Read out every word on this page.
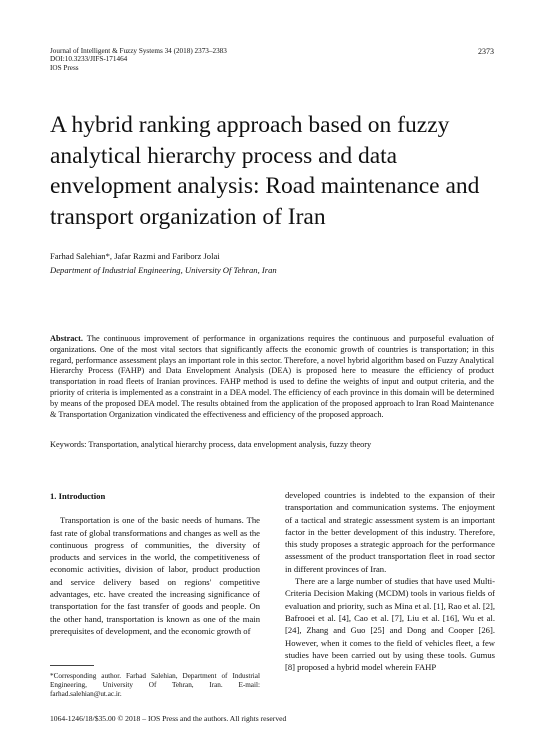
Journal of Intelligent & Fuzzy Systems 34 (2018) 2373–2383
DOI:10.3233/JIFS-171464
IOS Press
2373
A hybrid ranking approach based on fuzzy analytical hierarchy process and data envelopment analysis: Road maintenance and transport organization of Iran
Farhad Salehian*, Jafar Razmi and Fariborz Jolai
Department of Industrial Engineering, University Of Tehran, Iran

Abstract. The continuous improvement of performance in organizations requires the continuous and purposeful evaluation of organizations. One of the most vital sectors that significantly affects the economic growth of countries is transportation; in this regard, performance assessment plays an important role in this sector. Therefore, a novel hybrid algorithm based on Fuzzy Analytical Hierarchy Process (FAHP) and Data Envelopment Analysis (DEA) is proposed here to measure the efficiency of product transportation in road fleets of Iranian provinces. FAHP method is used to define the weights of input and output criteria, and the priority of criteria is implemented as a constraint in a DEA model. The efficiency of each province in this domain will be determined by means of the proposed DEA model. The results obtained from the application of the proposed approach to Iran Road Maintenance & Transportation Organization vindicated the effectiveness and efficiency of the proposed approach.

Keywords: Transportation, analytical hierarchy process, data envelopment analysis, fuzzy theory

1. Introduction

Transportation is one of the basic needs of humans. The fast rate of global transformations and changes as well as the continuous progress of communities, the diversity of products and services in the world, the competitiveness of economic activities, division of labor, product production and service delivery based on regions' competitive advantages, etc. have created the increasing significance of transportation for the fast transfer of goods and people. On the other hand, transportation is known as one of the main prerequisites of development, and the economic growth of

developed countries is indebted to the expansion of their transportation and communication systems. The enjoyment of a tactical and strategic assessment system is an important factor in the better development of this industry. Therefore, this study proposes a strategic approach for the performance assessment of the product transportation fleet in road sector in different provinces of Iran.

There are a large number of studies that have used Multi-Criteria Decision Making (MCDM) tools in various fields of evaluation and priority, such as Mina et al. [1], Rao et al. [2], Bafrooei et al. [4], Cao et al. [7], Liu et al. [16], Wu et al. [24], Zhang and Guo [25] and Dong and Cooper [26]. However, when it comes to the field of vehicles fleet, a few studies have been carried out by using these tools. Gumus [8] proposed a hybrid model wherein FAHP

*Corresponding author. Farhad Salehian, Department of Industrial Engineering, University Of Tehran, Iran. E-mail: farhad.salehian@ut.ac.ir.
1064-1246/18/$35.00 © 2018 – IOS Press and the authors. All rights reserved
